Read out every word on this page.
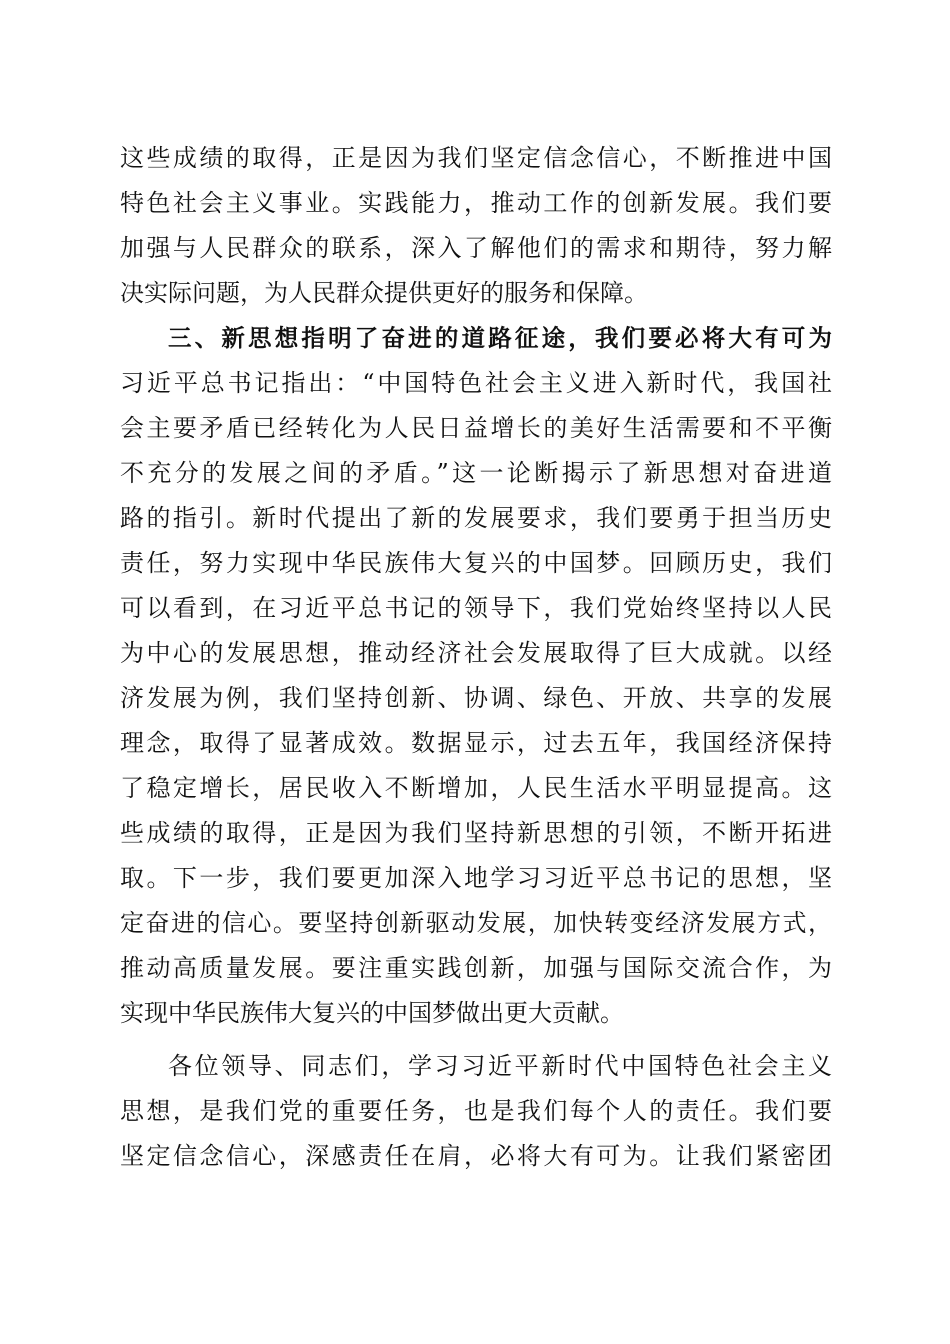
这些成绩的取得，正是因为我们坚定信念信心，不断推进中国
特色社会主义事业。实践能力，推动工作的创新发展。我们要
加强与人民群众的联系，深入了解他们的需求和期待，努力解
决实际问题，为人民群众提供更好的服务和保障。
三、新思想指明了奋进的道路征途，我们要必将大有可为
习近平总书记指出：“中国特色社会主义进入新时代，我国社
会主要矛盾已经转化为人民日益增长的美好生活需要和不平衡
不充分的发展之间的矛盾。”这一论断揭示了新思想对奋进道
路的指引。新时代提出了新的发展要求，我们要勇于担当历史
责任，努力实现中华民族伟大复兴的中国梦。回顾历史，我们
可以看到，在习近平总书记的领导下，我们党始终坚持以人民
为中心的发展思想，推动经济社会发展取得了巨大成就。以经
济发展为例，我们坚持创新、协调、绿色、开放、共享的发展
理念，取得了显著成效。数据显示，过去五年，我国经济保持
了稳定增长，居民收入不断增加，人民生活水平明显提高。这
些成绩的取得，正是因为我们坚持新思想的引领，不断开拓进
取。下一步，我们要更加深入地学习习近平总书记的思想，坚
定奋进的信心。要坚持创新驱动发展，加快转变经济发展方式，
推动高质量发展。要注重实践创新，加强与国际交流合作，为
实现中华民族伟大复兴的中国梦做出更大贡献。
各位领导、同志们，学习习近平新时代中国特色社会主义
思想，是我们党的重要任务，也是我们每个人的责任。我们要
坚定信念信心，深感责任在肩，必将大有可为。让我们紧密团
